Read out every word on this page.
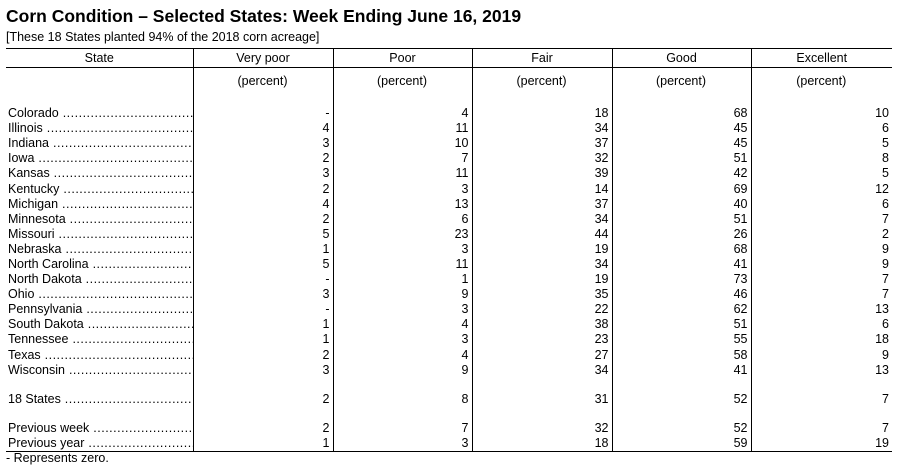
Corn Condition – Selected States: Week Ending June 16, 2019
[These 18 States planted 94% of the 2018 corn acreage]
State	Very poor	Poor	Fair	Good	Excellent
	(percent)	(percent)	(percent)	(percent)	(percent)
Colorado .....	-	4	18	68	10
Illinois .....	4	11	34	45	6
Indiana .....	3	10	37	45	5
Iowa .....	2	7	32	51	8
Kansas .....	3	11	39	42	5
Kentucky .....	2	3	14	69	12
Michigan .....	4	13	37	40	6
Minnesota .....	2	6	34	51	7
Missouri .....	5	23	44	26	2
Nebraska .....	1	3	19	68	9
North Carolina .....	5	11	34	41	9
North Dakota .....	-	1	19	73	7
Ohio .....	3	9	35	46	7
Pennsylvania .....	-	3	22	62	13
South Dakota .....	1	4	38	51	6
Tennessee .....	1	3	23	55	18
Texas .....	2	4	27	58	9
Wisconsin .....	3	9	34	41	13

18 States .....	2	8	31	52	7

Previous week .....	2	7	32	52	7
Previous year .....	1	3	18	59	19
- Represents zero.
